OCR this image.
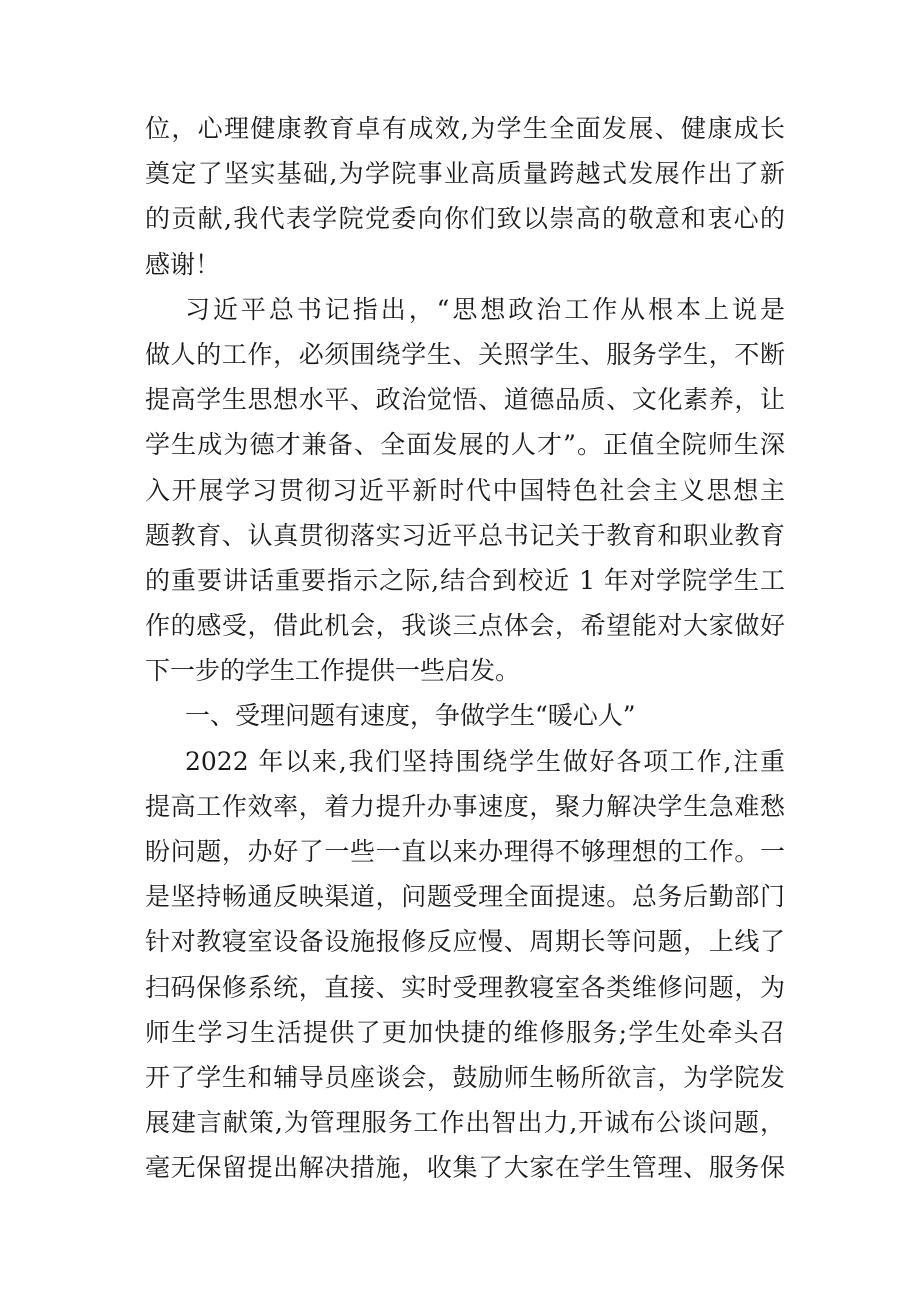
位，心理健康教育卓有成效,为学生全面发展、健康成长
奠定了坚实基础,为学院事业高质量跨越式发展作出了新
的贡献,我代表学院党委向你们致以崇高的敬意和衷心的
感谢！
习近平总书记指出，“思想政治工作从根本上说是
做人的工作，必须围绕学生、关照学生、服务学生，不断
提高学生思想水平、政治觉悟、道德品质、文化素养，让
学生成为德才兼备、全面发展的人才”。正值全院师生深
入开展学习贯彻习近平新时代中国特色社会主义思想主
题教育、认真贯彻落实习近平总书记关于教育和职业教育
的重要讲话重要指示之际,结合到校近 1 年对学院学生工
作的感受，借此机会，我谈三点体会，希望能对大家做好
下一步的学生工作提供一些启发。
一、受理问题有速度，争做学生“暖心人”
2022 年以来,我们坚持围绕学生做好各项工作,注重
提高工作效率，着力提升办事速度，聚力解决学生急难愁
盼问题，办好了一些一直以来办理得不够理想的工作。一
是坚持畅通反映渠道，问题受理全面提速。总务后勤部门
针对教寝室设备设施报修反应慢、周期长等问题，上线了
扫码保修系统，直接、实时受理教寝室各类维修问题，为
师生学习生活提供了更加快捷的维修服务;学生处牵头召
开了学生和辅导员座谈会，鼓励师生畅所欲言，为学院发
展建言献策,为管理服务工作出智出力,开诚布公谈问题，
毫无保留提出解决措施，收集了大家在学生管理、服务保
